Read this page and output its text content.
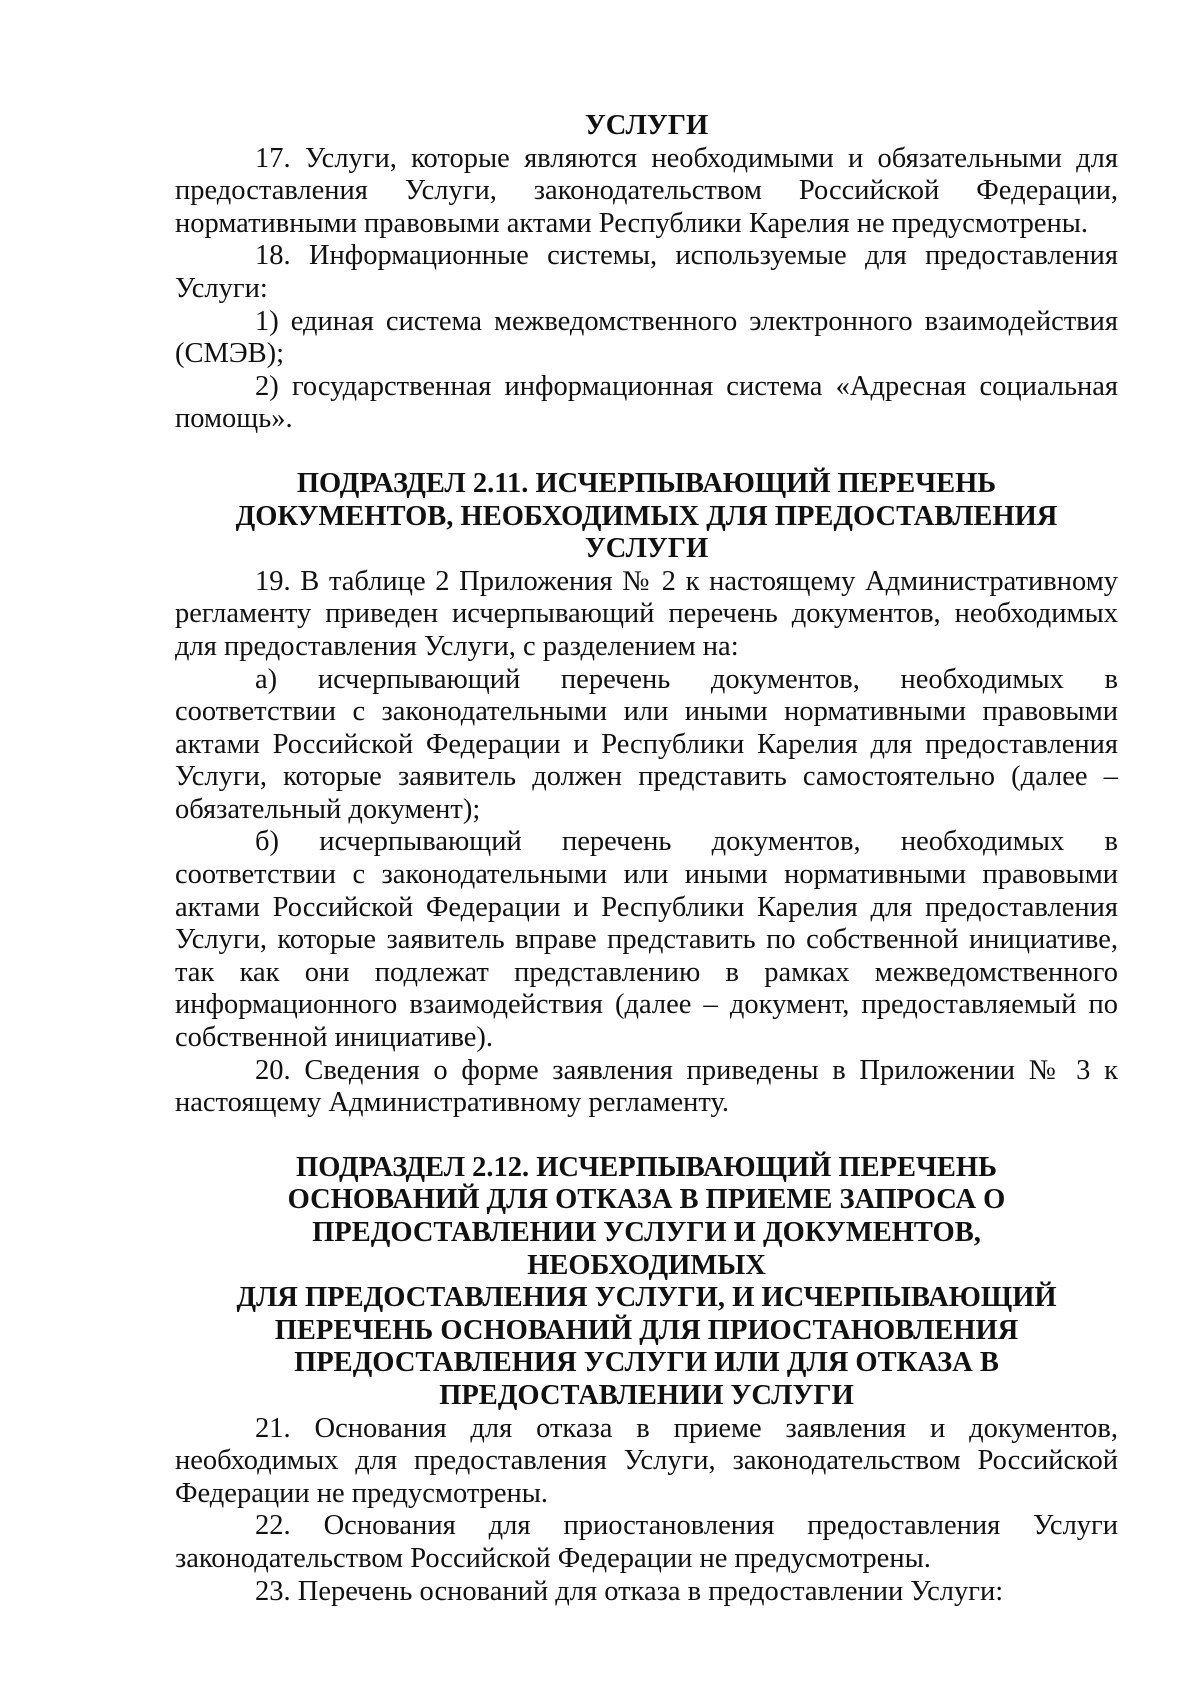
УСЛУГИ

17. Услуги, которые являются необходимыми и обязательными для предоставления Услуги, законодательством Российской Федерации, нормативными правовыми актами Республики Карелия не предусмотрены.

18. Информационные системы, используемые для предоставления Услуги:

1) единая система межведомственного электронного взаимодействия (СМЭВ);

2) государственная информационная система «Адресная социальная помощь».

ПОДРАЗДЕЛ 2.11. ИСЧЕРПЫВАЮЩИЙ ПЕРЕЧЕНЬ
ДОКУМЕНТОВ, НЕОБХОДИМЫХ ДЛЯ ПРЕДОСТАВЛЕНИЯ
УСЛУГИ

19. В таблице 2 Приложения № 2 к настоящему Административному регламенту приведен исчерпывающий перечень документов, необходимых для предоставления Услуги, с разделением на:

а) исчерпывающий перечень документов, необходимых в соответствии с законодательными или иными нормативными правовыми актами Российской Федерации и Республики Карелия для предоставления Услуги, которые заявитель должен представить самостоятельно (далее – обязательный документ);

б) исчерпывающий перечень документов, необходимых в соответствии с законодательными или иными нормативными правовыми актами Российской Федерации и Республики Карелия для предоставления Услуги, которые заявитель вправе представить по собственной инициативе, так как они подлежат представлению в рамках межведомственного информационного взаимодействия (далее – документ, предоставляемый по собственной инициативе).

20. Сведения о форме заявления приведены в Приложении № 3 к настоящему Административному регламенту.

ПОДРАЗДЕЛ 2.12. ИСЧЕРПЫВАЮЩИЙ ПЕРЕЧЕНЬ
ОСНОВАНИЙ ДЛЯ ОТКАЗА В ПРИЕМЕ ЗАПРОСА О
ПРЕДОСТАВЛЕНИИ УСЛУГИ И ДОКУМЕНТОВ, НЕОБХОДИМЫХ
ДЛЯ ПРЕДОСТАВЛЕНИЯ УСЛУГИ, И ИСЧЕРПЫВАЮЩИЙ
ПЕРЕЧЕНЬ ОСНОВАНИЙ ДЛЯ ПРИОСТАНОВЛЕНИЯ
ПРЕДОСТАВЛЕНИЯ УСЛУГИ ИЛИ ДЛЯ ОТКАЗА В
ПРЕДОСТАВЛЕНИИ УСЛУГИ

21. Основания для отказа в приеме заявления и документов, необходимых для предоставления Услуги, законодательством Российской Федерации не предусмотрены.

22. Основания для приостановления предоставления Услуги законодательством Российской Федерации не предусмотрены.

23. Перечень оснований для отказа в предоставлении Услуги:
